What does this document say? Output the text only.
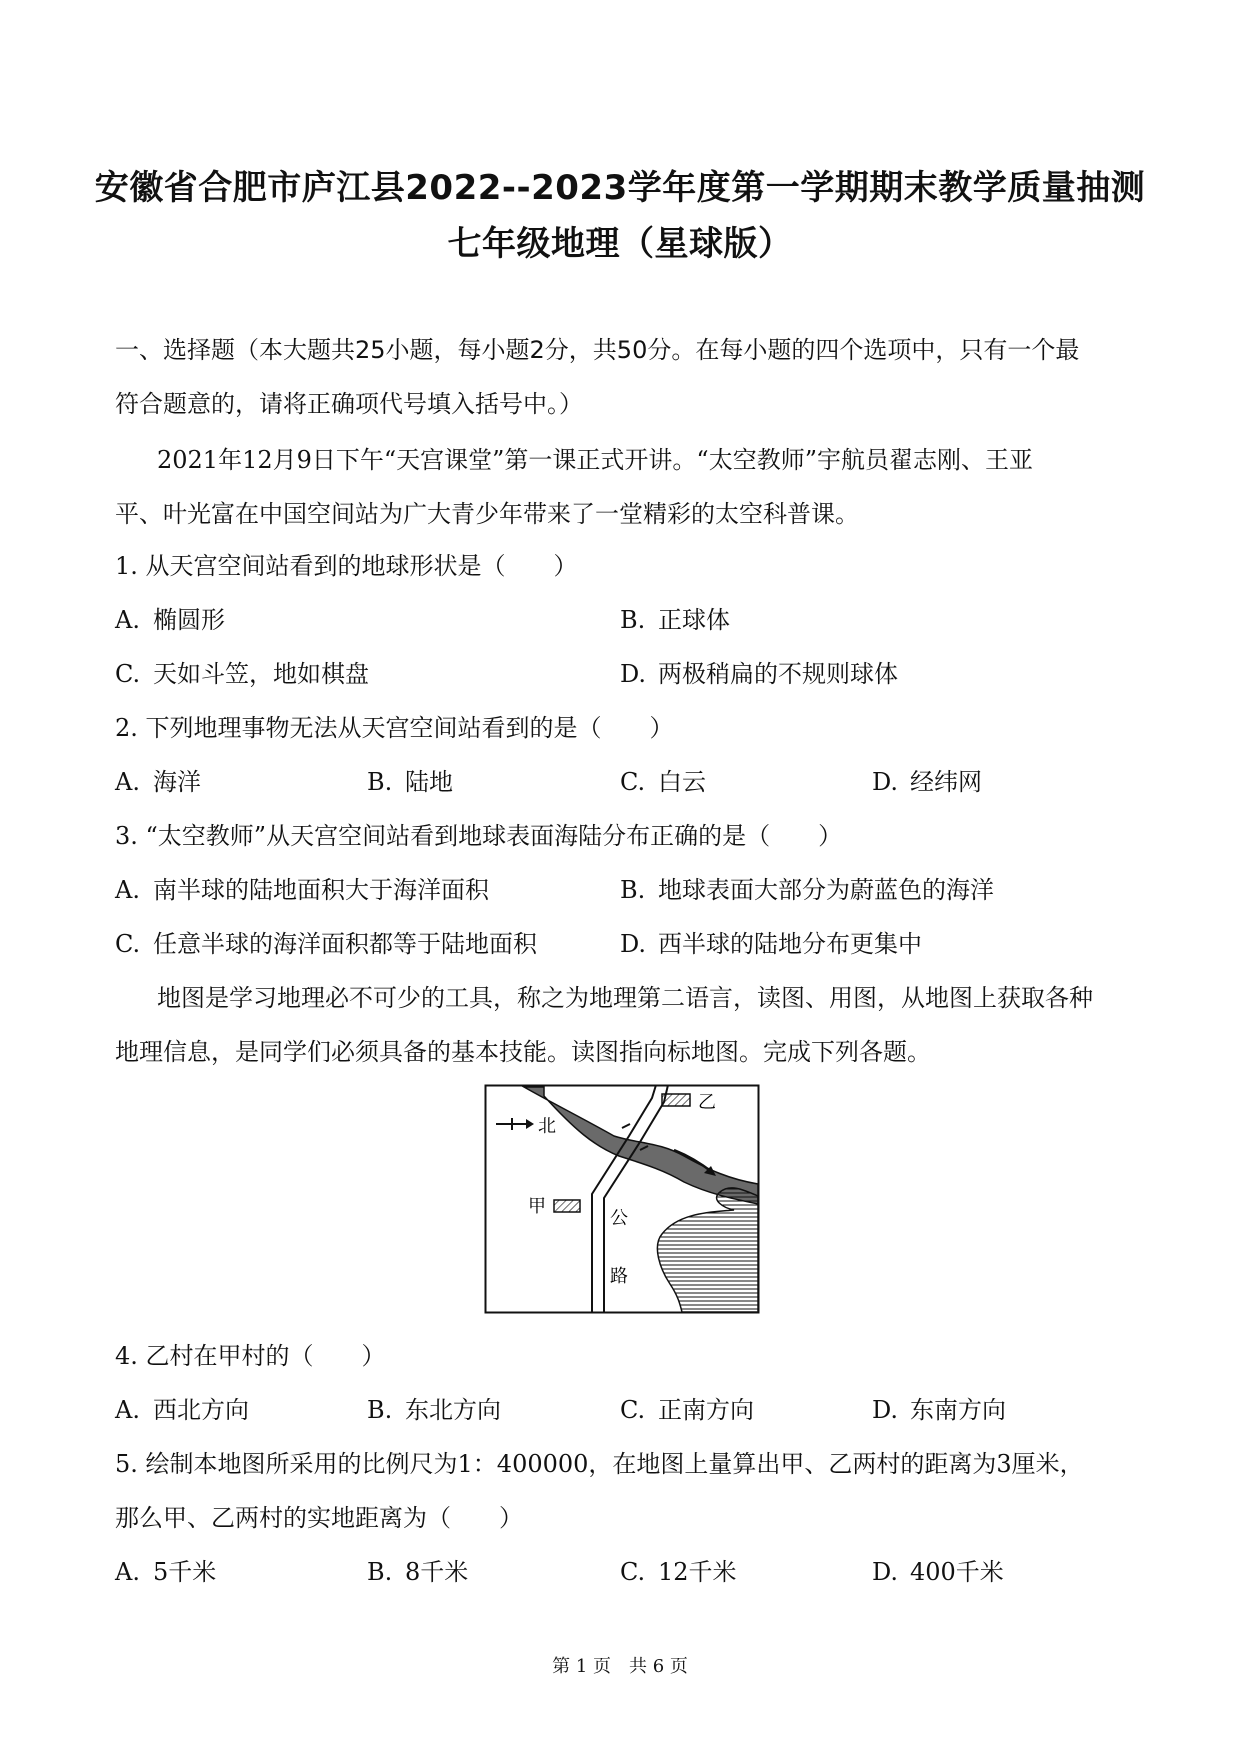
安徽省合肥市庐江县2022--2023学年度第一学期期末教学质量抽测
七年级地理（星球版）
一、选择题（本大题共25小题，每小题2分，共50分。在每小题的四个选项中，只有一个最
符合题意的，请将正确项代号填入括号中。）
2021年12月9日下午“天宫课堂”第一课正式开讲。“太空教师”宇航员翟志刚、王亚
平、叶光富在中国空间站为广大青少年带来了一堂精彩的太空科普课。
1. 从天宫空间站看到的地球形状是（　　）
A. 椭圆形	B. 正球体
C. 天如斗笠，地如棋盘	D. 两极稍扁的不规则球体
2. 下列地理事物无法从天宫空间站看到的是（　　）
A. 海洋	B. 陆地	C. 白云	D. 经纬网
3. “太空教师”从天宫空间站看到地球表面海陆分布正确的是（　　）
A. 南半球的陆地面积大于海洋面积	B. 地球表面大部分为蔚蓝色的海洋
C. 任意半球的海洋面积都等于陆地面积	D. 西半球的陆地分布更集中
地图是学习地理必不可少的工具，称之为地理第二语言，读图、用图，从地图上获取各种
地理信息，是同学们必须具备的基本技能。读图指向标地图。完成下列各题。
北
乙
甲
公
路
4. 乙村在甲村的（　　）
A. 西北方向	B. 东北方向	C. 正南方向	D. 东南方向
5. 绘制本地图所采用的比例尺为1：400000，在地图上量算出甲、乙两村的距离为3厘米，
那么甲、乙两村的实地距离为（　　）
A. 5千米	B. 8千米	C. 12千米	D. 400千米
第 1 页　共 6 页
